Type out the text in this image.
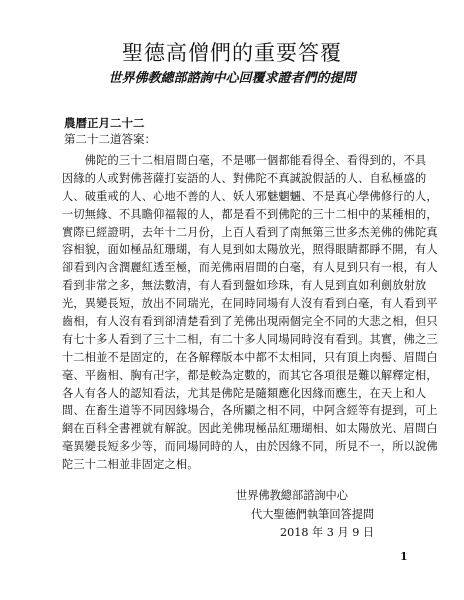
聖德高僧們的重要答覆
世界佛教總部諮詢中心回覆求證者們的提問
農曆正月二十二
第二十二道答案：
　　佛陀的三十二相眉間白毫，不是哪一個都能看得全、看得到的，不具
因緣的人或對佛菩薩打妄語的人、對佛陀不真誠說假話的人、自私極盛的
人、破重戒的人、心地不善的人、妖人邪魅魍魎、不是真心學佛修行的人，
一切無緣、不具瞻仰福報的人，都是看不到佛陀的三十二相中的某種相的，
實際已經證明，去年十二月份，上百人看到了南無第三世多杰羌佛的佛陀真
容相貌，面如極品紅珊瑚，有人見到如太陽放光，照得眼睛都睜不開，有人
卻看到內含潤麗紅透至極，而羌佛兩眉間的白毫，有人見到只有一根，有人
看到非常之多，無法數清，有人看到盤如珍珠，有人見到直如利劍放射放
光，異變長短，放出不同瑞光，在同時同場有人沒有看到白毫，有人看到平
齒相，有人沒有看到卻清楚看到了羌佛出現兩個完全不同的大悲之相，但只
有七十多人看到了三十二相，有二十多人同場同時沒有看到。其實，佛之三
十二相並不是固定的，在各解釋版本中都不太相同，只有頂上肉髻、眉間白
毫、平齒相、胸有卍字，都是較為定數的，而其它各項很是難以解釋定相，
各人有各人的認知看法，尤其是佛陀是隨類應化因緣而應生，在天上和人
間、在畜生道等不同因緣場合，各所顯之相不同，中阿含經等有提到，可上
網在百科全書裡就有解說。因此羌佛現極品紅珊瑚相、如太陽放光、眉間白
毫異變長短多少等，而同場同時的人，由於因緣不同，所見不一，所以說佛
陀三十二相並非固定之相。
世界佛教總部諮詢中心
代大聖德們執筆回答提問
2018 年 3 月 9 日
1
